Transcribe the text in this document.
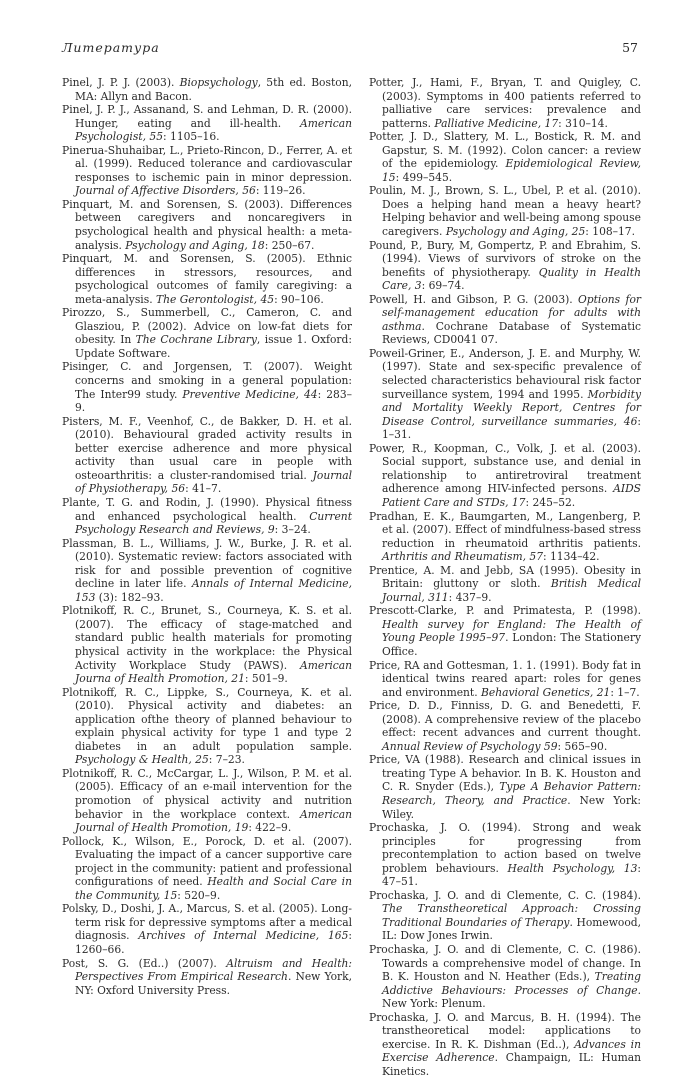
Литература	57

Pinel, J. P. J. (2003). Biopsychology, 5th ed. Boston, MA: Allyn and Bacon.

Pinel, J. P. J., Assanand, S. and Lehman, D. R. (2000). Hunger, eating and ill-health. American Psychologist, 55: 1105–16.

Pinerua-Shuhaibar, L., Prieto-Rincon, D., Ferrer, A. et al. (1999). Reduced tolerance and cardiovascular responses to ischemic pain in minor depression. Journal of Affective Disorders, 56: 119–26.

Pinquart, M. and Sorensen, S. (2003). Differences between caregivers and noncaregivers in psychological health and physical health: a meta-analysis. Psychology and Aging, 18: 250–67.

Pinquart, M. and Sorensen, S. (2005). Ethnic differences in stressors, resources, and psychological outcomes of family caregiving: a meta-analysis. The Gerontologist, 45: 90–106.

Pirozzo, S., Summerbell, C., Cameron, C. and Glasziou, P. (2002). Advice on low-fat diets for obesity. In The Cochrane Library, issue 1. Oxford: Update Software.

Pisinger, C. and Jorgensen, T. (2007). Weight concerns and smoking in a general population: The Inter99 study. Preventive Medicine, 44: 283–9.

Pisters, M. F., Veenhof, C., de Bakker, D. H. et al. (2010). Behavioural graded activity results in better exercise adherence and more physical activity than usual care in people with osteoarthritis: a cluster-randomised trial. Journal of Physiotherapy, 56: 41–7.

Plante, T. G. and Rodin, J. (1990). Physical fitness and enhanced psychological health. Current Psychology Research and Reviews, 9: 3–24.

Plassman, B. L., Williams, J. W., Burke, J. R. et al. (2010). Systematic review: factors associated with risk for and possible prevention of cognitive decline in later life. Annals of Internal Medicine, 153 (3): 182–93.

Plotnikoff, R. C., Brunet, S., Courneya, K. S. et al. (2007). The efficacy of stage-matched and standard public health materials for promoting physical activity in the workplace: the Physical Activity Workplace Study (PAWS). American Journa of Health Promotion, 21: 501–9.

Plotnikoff, R. C., Lippke, S., Courneya, K. et al. (2010). Physical activity and diabetes: an application ofthe theory of planned behaviour to explain physical activity for type 1 and type 2 diabetes in an adult population sample. Psychology & Health, 25: 7–23.

Plotnikoff, R. C., McCargar, L. J., Wilson, P. M. et al. (2005). Efficacy of an e-mail intervention for the promotion of physical activity and nutrition behavior in the workplace context. American Journal of Health Promotion, 19: 422–9.

Pollock, K., Wilson, E., Porock, D. et al. (2007). Evaluating the impact of a cancer supportive care project in the community: patient and professional configurations of need. Health and Social Care in the Community, 15: 520–9.

Polsky, D., Doshi, J. A., Marcus, S. et al. (2005). Long-term risk for depressive symptoms after a medical diagnosis. Archives of Internal Medicine, 165: 1260–66.

Post, S. G. (Ed..) (2007). Altruism and Health: Perspectives From Empirical Research. New York, NY: Oxford University Press.

Potter, J., Hami, F., Bryan, T. and Quigley, C. (2003). Symptoms in 400 patients referred to palliative care services: prevalence and patterns. Palliative Medicine, 17: 310–14.

Potter, J. D., Slattery, M. L., Bostick, R. M. and Gapstur, S. M. (1992). Colon cancer: a review of the epidemiology. Epidemiological Review, 15: 499–545.

Poulin, M. J., Brown, S. L., Ubel, P. et al. (2010). Does a helping hand mean a heavy heart? Helping behavior and well-being among spouse caregivers. Psychology and Aging, 25: 108–17.

Pound, P., Bury, M, Gompertz, P. and Ebrahim, S. (1994). Views of survivors of stroke on the benefits of physiotherapy. Quality in Health Care, 3: 69–74.

Powell, H. and Gibson, P. G. (2003). Options for self-management education for adults with asthma. Cochrane Database of Systematic Reviews, CD0041 07.

Poweil-Griner, E., Anderson, J. E. and Murphy, W. (1997). State and sex-specific prevalence of selected characteristics behavioural risk factor surveillance system, 1994 and 1995. Morbidity and Mortality Weekly Report, Centres for Disease Control, surveillance summaries, 46: 1–31.

Power, R., Koopman, C., Volk, J. et al. (2003). Social support, substance use, and denial in relationship to antiretroviral treatment adherence among HIV-infected persons. AIDS Patient Care and STDs, 17: 245–52.

Pradhan, E. K., Baumgarten, M., Langenberg, P. et al. (2007). Effect of mindfulness-based stress reduction in rheumatoid arthritis patients. Arthritis and Rheumatism, 57: 1134–42.

Prentice, A. M. and Jebb, SA (1995). Obesity in Britain: gluttony or sloth. British Medical Journal, 311: 437–9.

Prescott-Clarke, P. and Primatesta, P. (1998). Health survey for England: The Health of Young People 1995–97. London: The Stationery Office.

Price, RA and Gottesman, 1. 1. (1991). Body fat in identical twins reared apart: roles for genes and environment. Behavioral Genetics, 21: 1–7.

Price, D. D., Finniss, D. G. and Benedetti, F. (2008). A comprehensive review of the placebo effect: recent advances and current thought. Annual Review of Psychology 59: 565–90.

Price, VA (1988). Research and clinical issues in treating Type A behavior. In B. K. Houston and C. R. Snyder (Eds.), Type A Behavior Pattern: Research, Theory, and Practice. New York: Wiley.

Prochaska, J. O. (1994). Strong and weak principles for progressing from precontemplation to action based on twelve problem behaviours. Health Psychology, 13: 47–51.

Prochaska, J. O. and di Clemente, C. C. (1984). The Transtheoretical Approach: Crossing Traditional Boundaries of Therapy. Homewood, IL: Dow Jones Irwin.

Prochaska, J. O. and di Clemente, C. C. (1986). Towards a comprehensive model of change. In B. K. Houston and N. Heather (Eds.), Treating Addictive Behaviours: Processes of Change. New York: Plenum.

Prochaska, J. O. and Marcus, B. H. (1994). The transtheoretical model: applications to exercise. In R. K. Dishman (Ed..), Advances in Exercise Adherence. Champaign, IL: Human Kinetics.
